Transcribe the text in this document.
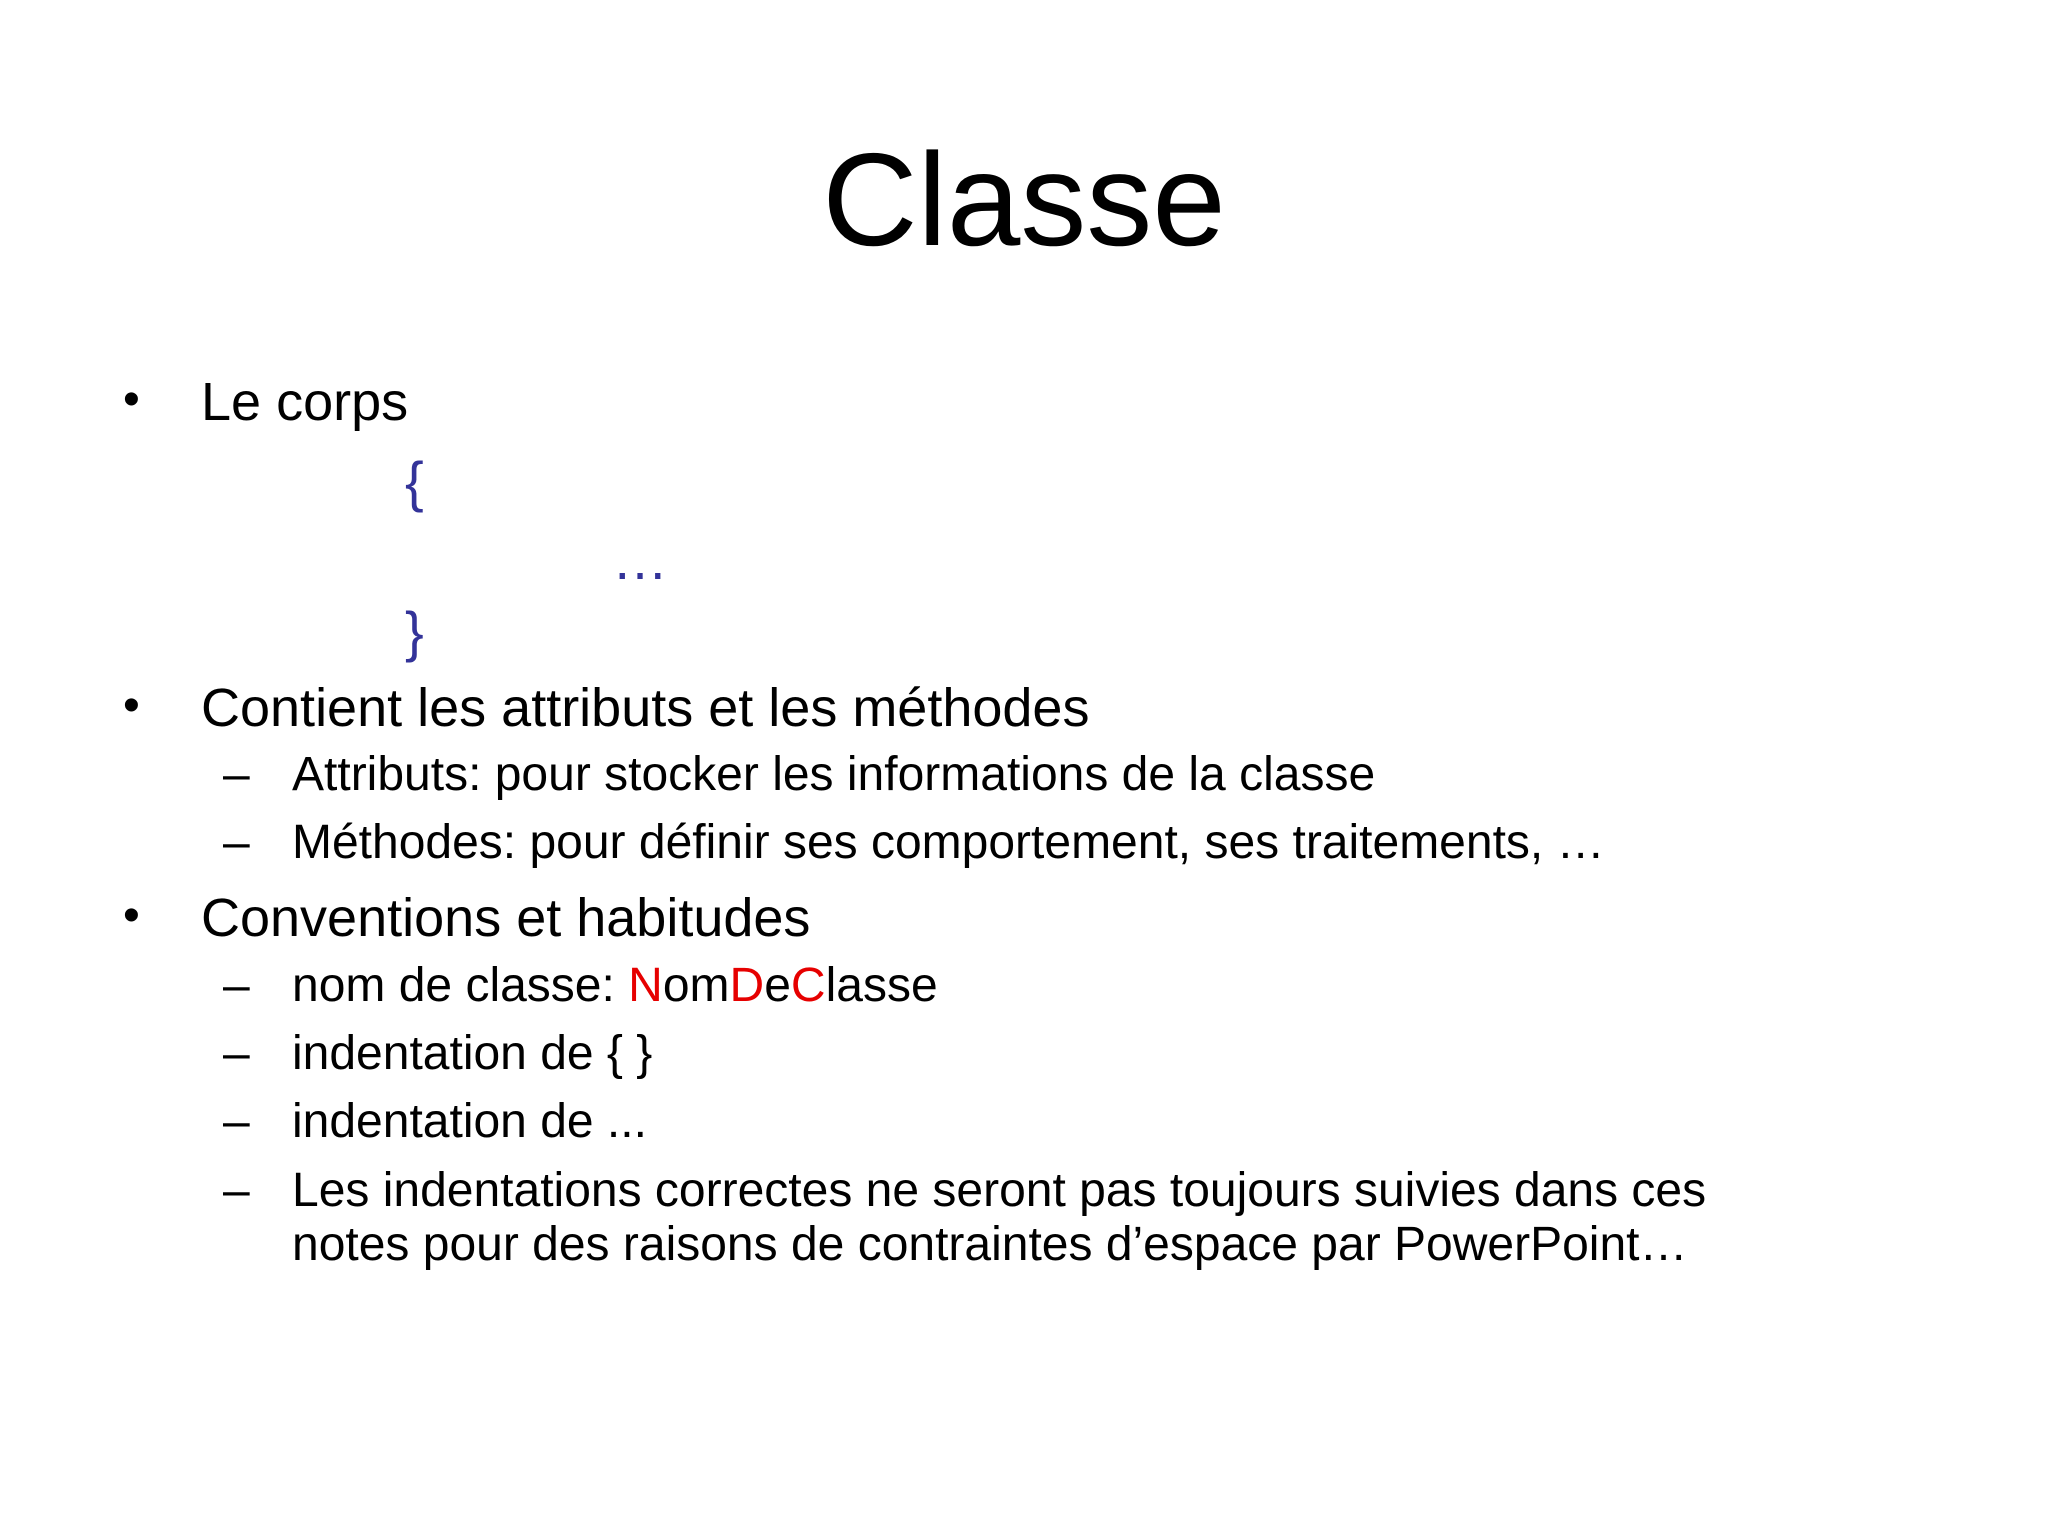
Classe
• Le corps
{
…
}
• Contient les attributs et les méthodes
– Attributs: pour stocker les informations de la classe
– Méthodes: pour définir ses comportement, ses traitements, …
• Conventions et habitudes
– nom de classe: NomDeClasse
– indentation de { }
– indentation de ...
– Les indentations correctes ne seront pas toujours suivies dans ces
notes pour des raisons de contraintes d’espace par PowerPoint…
